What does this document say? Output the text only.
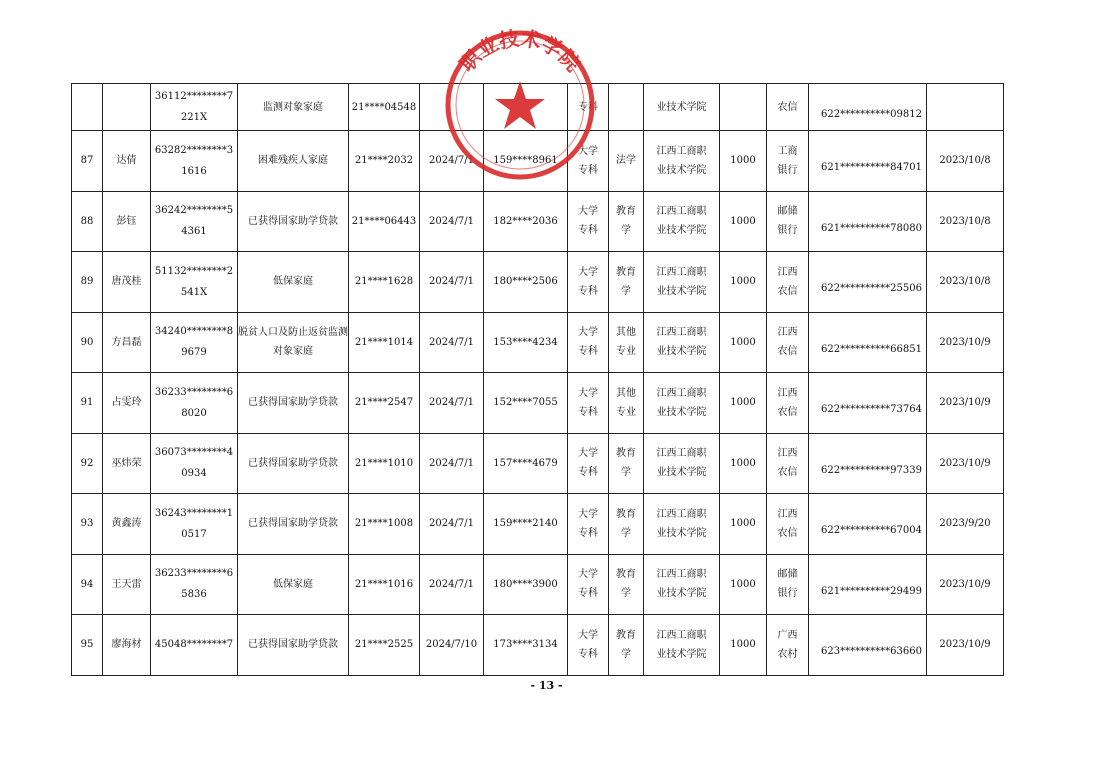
		36112********7
221X	监测对象家庭	21****04548			专科		业技术学院		农信	622**********09812	
87	达倩	63282********3
1616	困难残疾人家庭	21****2032	2024/7/1	159****8961	大学
专科	法学	江西工商职
业技术学院	1000	工商
银行	621**********84701	2023/10/8
88	彭钰	36242********5
4361	已获得国家助学贷款	21****06443	2024/7/1	182****2036	大学
专科	教育
学	江西工商职
业技术学院	1000	邮储
银行	621**********78080	2023/10/8
89	唐茂桂	51132********2
541X	低保家庭	21****1628	2024/7/1	180****2506	大学
专科	教育
学	江西工商职
业技术学院	1000	江西
农信	622**********25506	2023/10/8
90	方昌磊	34240********8
9679	脱贫人口及防止返贫监测对象家庭	21****1014	2024/7/1	153****4234	大学
专科	其他
专业	江西工商职
业技术学院	1000	江西
农信	622**********66851	2023/10/9
91	占雯玲	36233********6
8020	已获得国家助学贷款	21****2547	2024/7/1	152****7055	大学
专科	其他
专业	江西工商职
业技术学院	1000	江西
农信	622**********73764	2023/10/9
92	巫炜荣	36073********4
0934	已获得国家助学贷款	21****1010	2024/7/1	157****4679	大学
专科	教育
学	江西工商职
业技术学院	1000	江西
农信	622**********97339	2023/10/9
93	黄鑫涛	36243********1
0517	已获得国家助学贷款	21****1008	2024/7/1	159****2140	大学
专科	教育
学	江西工商职
业技术学院	1000	江西
农信	622**********67004	2023/9/20
94	王天雷	36233********6
5836	低保家庭	21****1016	2024/7/1	180****3900	大学
专科	教育
学	江西工商职
业技术学院	1000	邮储
银行	621**********29499	2023/10/9
95	廖海材	45048********7	已获得国家助学贷款	21****2525	2024/7/10	173****3134	大学
专科	教育
学	江西工商职
业技术学院	1000	广西
农村	623**********63660	2023/10/9
- 13 -
职业技术学院
